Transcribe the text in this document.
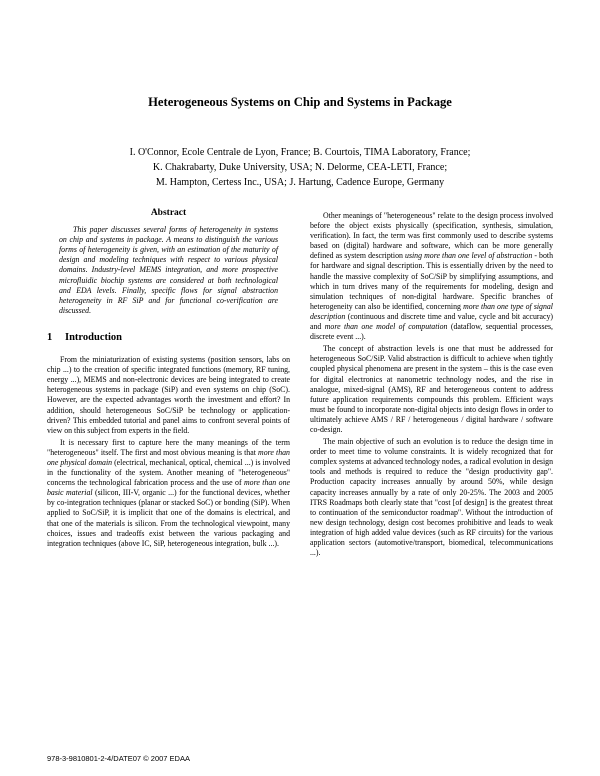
Heterogeneous Systems on Chip and Systems in Package
I. O'Connor, Ecole Centrale de Lyon, France; B. Courtois, TIMA Laboratory, France;
K. Chakrabarty, Duke University, USA; N. Delorme, CEA-LETI, France;
M. Hampton, Certess Inc., USA; J. Hartung, Cadence Europe, Germany
Abstract

This paper discusses several forms of heterogeneity in systems on chip and systems in package. A means to distinguish the various forms of heterogeneity is given, with an estimation of the maturity of design and modeling techniques with respect to various physical domains. Industry-level MEMS integration, and more prospective microfluidic biochip systems are considered at both technological and EDA levels. Finally, specific flows for signal abstraction heterogeneity in RF SiP and for functional co-verification are discussed.

1 Introduction

From the miniaturization of existing systems (position sensors, labs on chip ...) to the creation of specific integrated functions (memory, RF tuning, energy ...), MEMS and non-electronic devices are being integrated to create heterogeneous systems in package (SiP) and even systems on chip (SoC). However, are the expected advantages worth the investment and effort? In addition, should heterogeneous SoC/SiP be technology or application-driven? This embedded tutorial and panel aims to confront several points of view on this subject from experts in the field.

It is necessary first to capture here the many meanings of the term "heterogeneous" itself. The first and most obvious meaning is that more than one physical domain (electrical, mechanical, optical, chemical ...) is involved in the functionality of the system. Another meaning of "heterogeneous" concerns the technological fabrication process and the use of more than one basic material (silicon, III-V, organic ...) for the functional devices, whether by co-integration techniques (planar or stacked SoC) or bonding (SiP). When applied to SoC/SiP, it is implicit that one of the domains is electrical, and that one of the materials is silicon. From the technological viewpoint, many choices, issues and tradeoffs exist between the various packaging and integration techniques (above IC, SiP, heterogeneous integration, bulk ...).

Other meanings of "heterogeneous" relate to the design process involved before the object exists physically (specification, synthesis, simulation, verification). In fact, the term was first commonly used to describe systems based on (digital) hardware and software, which can be more generally defined as system description using more than one level of abstraction - both for hardware and signal description. This is essentially driven by the need to handle the massive complexity of SoC/SiP by simplifying assumptions, and which in turn drives many of the requirements for modeling, design and simulation techniques of non-digital hardware. Specific branches of heterogeneity can also be identified, concerning more than one type of signal description (continuous and discrete time and value, cycle and bit accuracy) and more than one model of computation (dataflow, sequential processes, discrete event ...).

The concept of abstraction levels is one that must be addressed for heterogeneous SoC/SiP. Valid abstraction is difficult to achieve when tightly coupled physical phenomena are present in the system – this is the case even for digital electronics at nanometric technology nodes, and the rise in analogue, mixed-signal (AMS), RF and heterogeneous content to address future application requirements compounds this problem. Efficient ways must be found to incorporate non-digital objects into design flows in order to ultimately achieve AMS / RF / heterogeneous / digital hardware / software co-design.

The main objective of such an evolution is to reduce the design time in order to meet time to volume constraints. It is widely recognized that for complex systems at advanced technology nodes, a radical evolution in design tools and methods is required to reduce the "design productivity gap". Production capacity increases annually by around 50%, while design capacity increases annually by a rate of only 20-25%. The 2003 and 2005 ITRS Roadmaps both clearly state that "cost [of design] is the greatest threat to continuation of the semiconductor roadmap". Without the introduction of new design technology, design cost becomes prohibitive and leads to weak integration of high added value devices (such as RF circuits) for the various application sectors (automotive/transport, biomedical, telecommunications ...).

978-3-9810801-2-4/DATE07 © 2007 EDAA
